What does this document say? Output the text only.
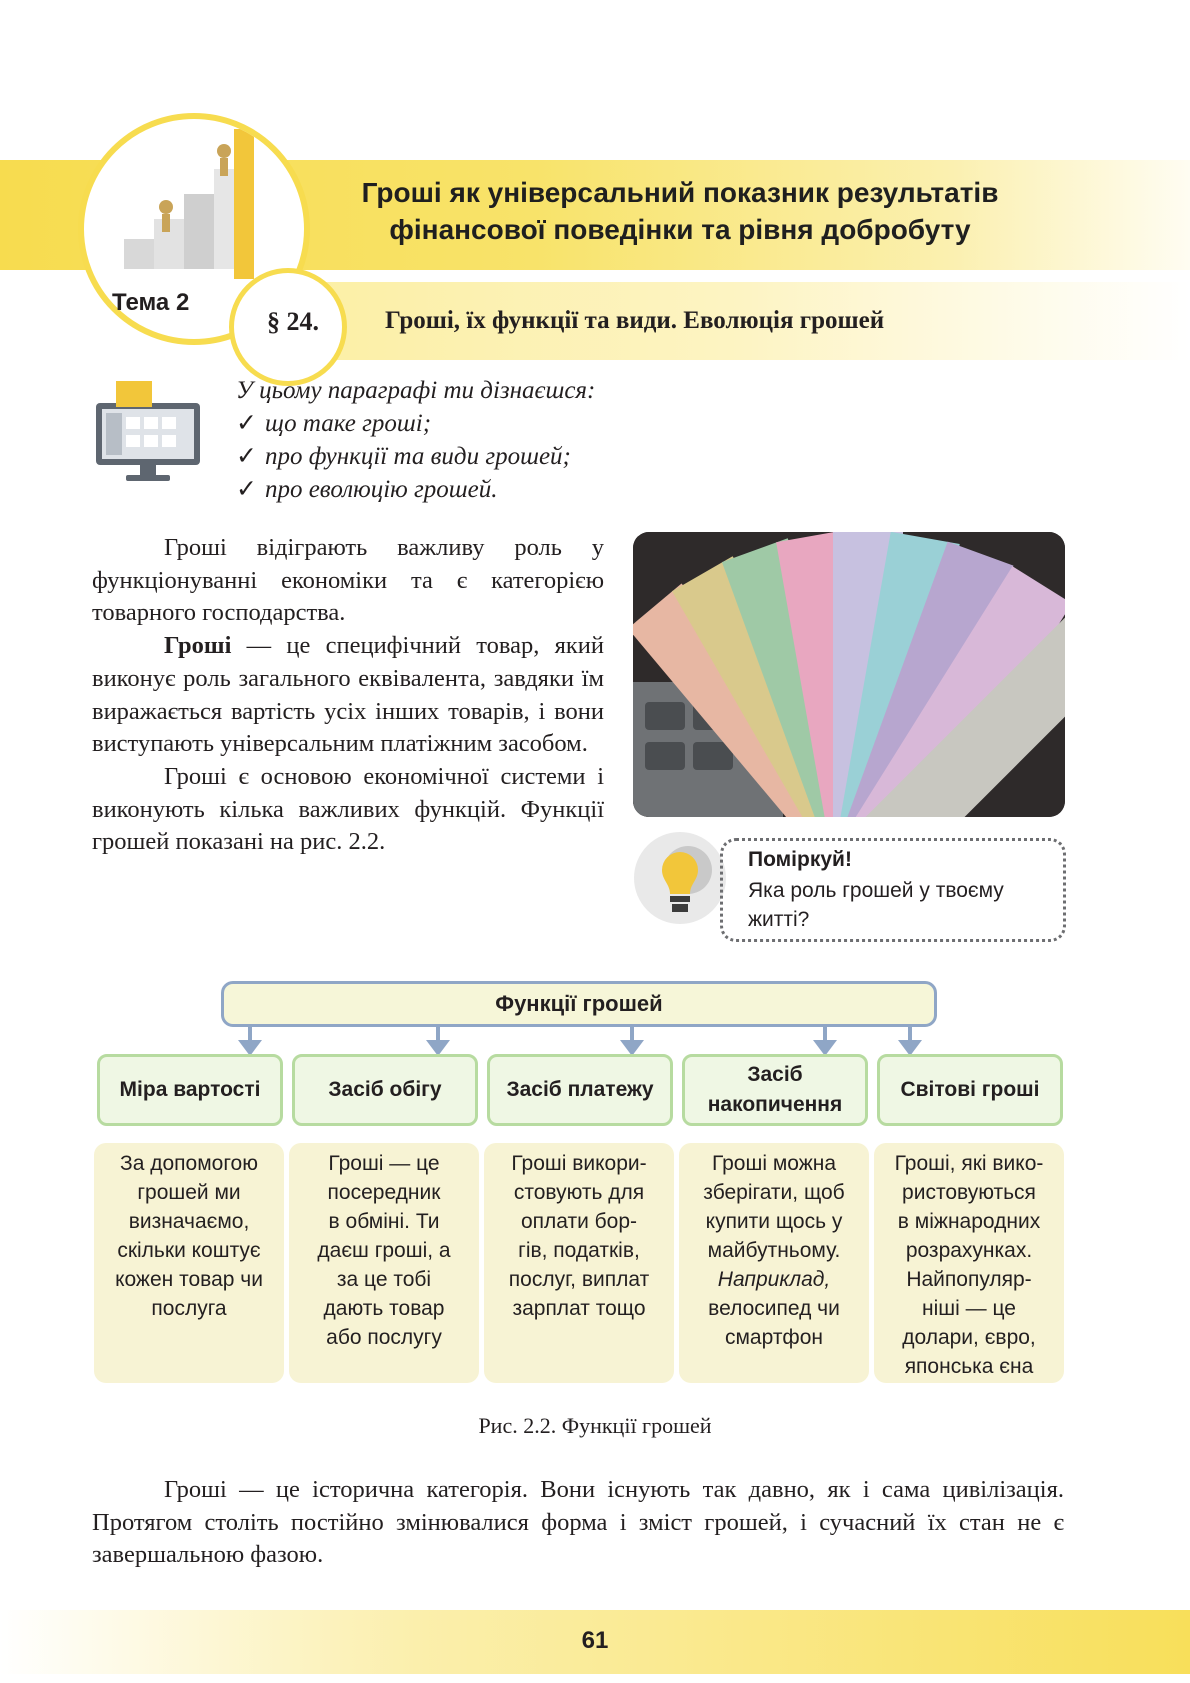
Гроші як універсальний показник результатів
фінансової поведінки та рівня добробуту
Тема 2
§ 24.	Гроші, їх функції та види. Еволюція грошей
У цьому параграфі ти дізнаєшся:
✓ що таке гроші;
✓ про функції та види грошей;
✓ про еволюцію грошей.

Гроші відіграють важливу роль у функціонуванні економіки та є категорією товарного господарства.

Гроші — це специфічний товар, який виконує роль загального еквівалента, завдяки їм виражається вартість усіх інших товарів, і вони виступають універсальним платіжним засобом.

Гроші є основою економічної системи і виконують кілька важливих функцій. Функції грошей показані на рис. 2.2.

Поміркуй!
Яка роль грошей у твоєму житті?
Функції грошей
Міра вартості	Засіб обігу	Засіб платежу
Засіб накопичення
Світові гроші
За допомогою
грошей ми
визначаємо,
скільки коштує
кожен товар чи
послуга
Гроші — це
посередник
в обміні. Ти
даєш гроші, а
за це тобі
дають товар
або послугу
Гроші викори-
стовують для
оплати бор-
гів, податків,
послуг, виплат
зарплат тощо
Гроші можна
зберігати, щоб
купити щось у
майбутньому.
Наприклад,
велосипед чи
смартфон
Гроші, які вико-
ристовуються
в міжнародних
розрахунках.
Найпопуляр-
ніші — це
долари, євро,
японська єна
Рис. 2.2. Функції грошей

Гроші — це історична категорія. Вони існують так давно, як і сама цивілізація. Протягом століть постійно змінювалися форма і зміст грошей, і сучасний їх стан не є завершальною фазою.

61
